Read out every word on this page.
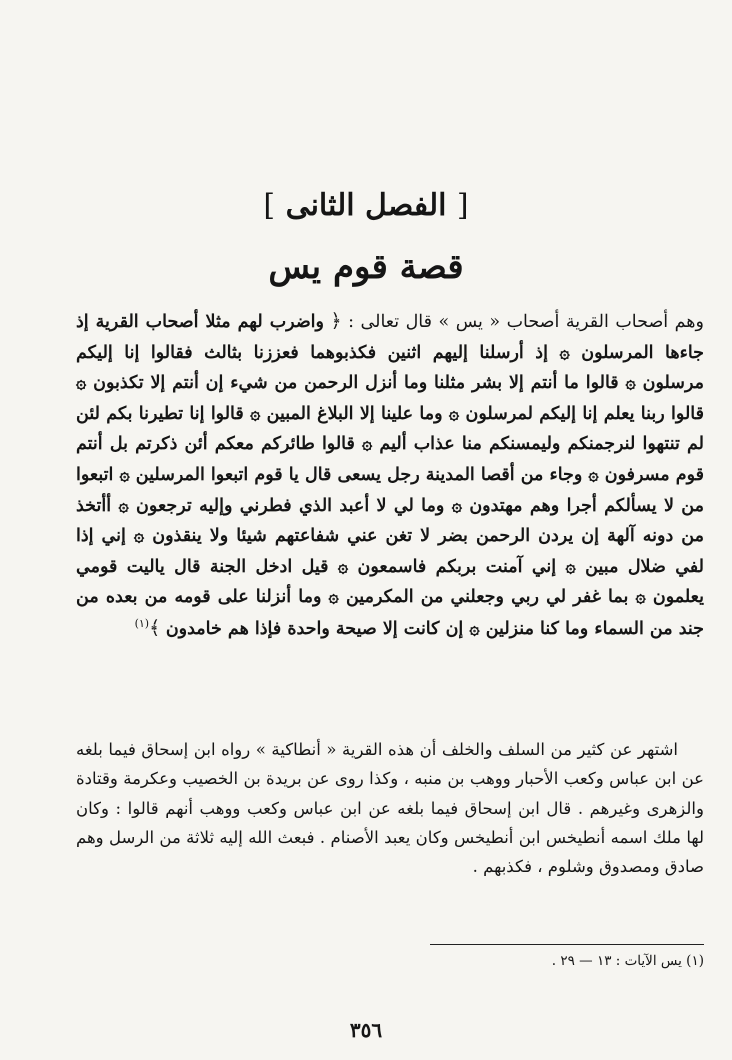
[ الفصل الثانى ]
قصة قوم يس

وهم أصحاب القرية أصحاب « يس » قال تعالى : ﴿ واضرب لهم مثلا أصحاب القرية إذ جاءها المرسلون ۞ إذ أرسلنا إليهم اثنين فكذبوهما فعززنا بثالث فقالوا إنا إليكم مرسلون ۞ قالوا ما أنتم إلا بشر مثلنا وما أنزل الرحمن من شيء إن أنتم إلا تكذبون ۞ قالوا ربنا يعلم إنا إليكم لمرسلون ۞ وما علينا إلا البلاغ المبين ۞ قالوا إنا تطيرنا بكم لئن لم تنتهوا لنرجمنكم وليمسنكم منا عذاب أليم ۞ قالوا طائركم معكم أئن ذكرتم بل أنتم قوم مسرفون ۞ وجاء من أقصا المدينة رجل يسعى قال يا قوم اتبعوا المرسلين ۞ اتبعوا من لا يسألكم أجرا وهم مهتدون ۞ وما لي لا أعبد الذي فطرني وإليه ترجعون ۞ أأتخذ من دونه آلهة إن يردن الرحمن بضر لا تغن عني شفاعتهم شيئا ولا ينقذون ۞ إني إذا لفي ضلال مبين ۞ إني آمنت بربكم فاسمعون ۞ قيل ادخل الجنة قال ياليت قومي يعلمون ۞ بما غفر لي ربي وجعلني من المكرمين ۞ وما أنزلنا على قومه من بعده من جند من السماء وما كنا منزلين ۞ إن كانت إلا صيحة واحدة فإذا هم خامدون ﴾$^{(١)}$

اشتهر عن كثير من السلف والخلف أن هذه القرية « أنطاكية » رواه ابن إسحاق فيما بلغه عن ابن عباس وكعب الأحبار ووهب بن منبه ، وكذا روى عن بريدة بن الخصيب وعكرمة وقتادة والزهرى وغيرهم . قال ابن إسحاق فيما بلغه عن ابن عباس وكعب ووهب أنهم قالوا : وكان لها ملك اسمه أنطيخس ابن أنطيخس وكان يعبد الأصنام . فبعث الله إليه ثلاثة من الرسل وهم صادق ومصدوق وشلوم ، فكذبهم .

(١) يس الآيات : ١٣ — ٢٩ .

٣٥٦
